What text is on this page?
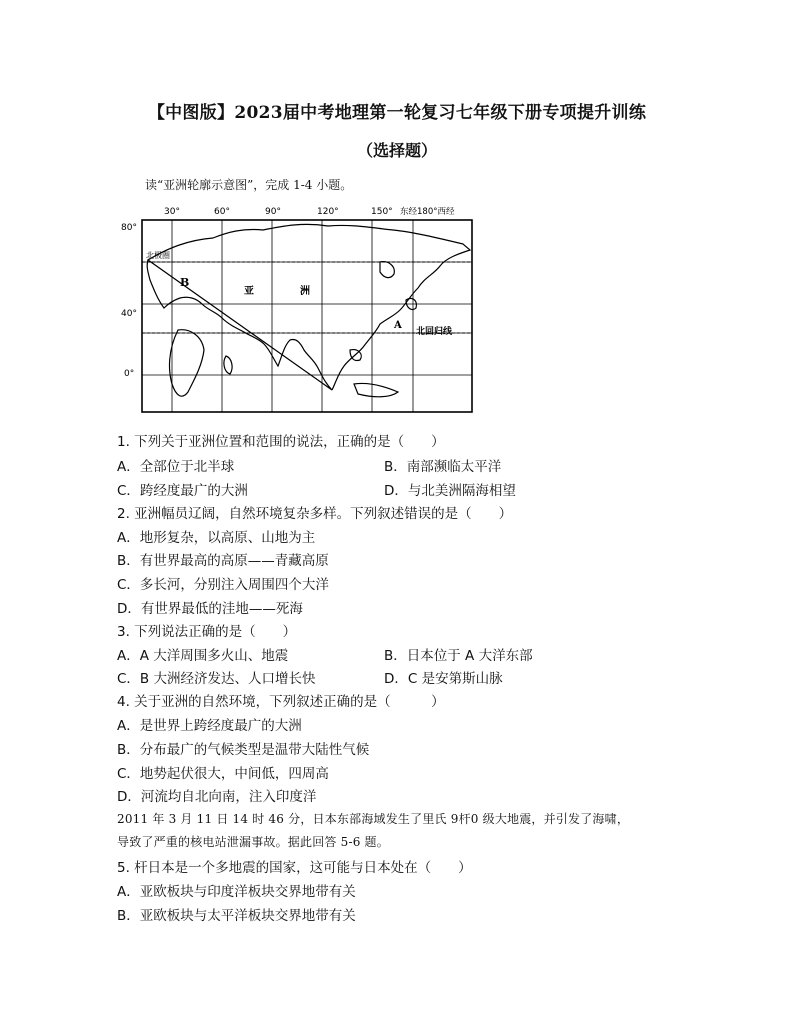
【中图版】2023届中考地理第一轮复习七年级下册专项提升训练
（选择题）
读“亚洲轮廓示意图”，完成 1-4 小题。
30°	60°	90°	120°	150° 东经180°西经
80°
40°
0°
北极圈
B
亚	洲
A
北回归线
1. 下列关于亚洲位置和范围的说法，正确的是（　　）
A．全部位于北半球	B．南部濒临太平洋
C．跨经度最广的大洲	D．与北美洲隔海相望
2. 亚洲幅员辽阔，自然环境复杂多样。下列叙述错误的是（　　）
A．地形复杂，以高原、山地为主
B．有世界最高的高原——青藏高原
C．多长河，分别注入周围四个大洋
D．有世界最低的洼地——死海
3. 下列说法正确的是（　　）
A．A 大洋周围多火山、地震	B．日本位于 A 大洋东部
C．B 大洲经济发达、人口增长快	D．C 是安第斯山脉
4. 关于亚洲的自然环境，下列叙述正确的是（　　　）
A．是世界上跨经度最广的大洲
B．分布最广的气候类型是温带大陆性气候
C．地势起伏很大，中间低，四周高
D．河流均自北向南，注入印度洋
2011 年 3 月 11 日 14 时 46 分，日本东部海域发生了里氏 9杆0 级大地震，并引发了海啸，
导致了严重的核电站泄漏事故。据此回答 5-6 题。
5. 杆日本是一个多地震的国家，这可能与日本处在（　　）
A．亚欧板块与印度洋板块交界地带有关
B．亚欧板块与太平洋板块交界地带有关
